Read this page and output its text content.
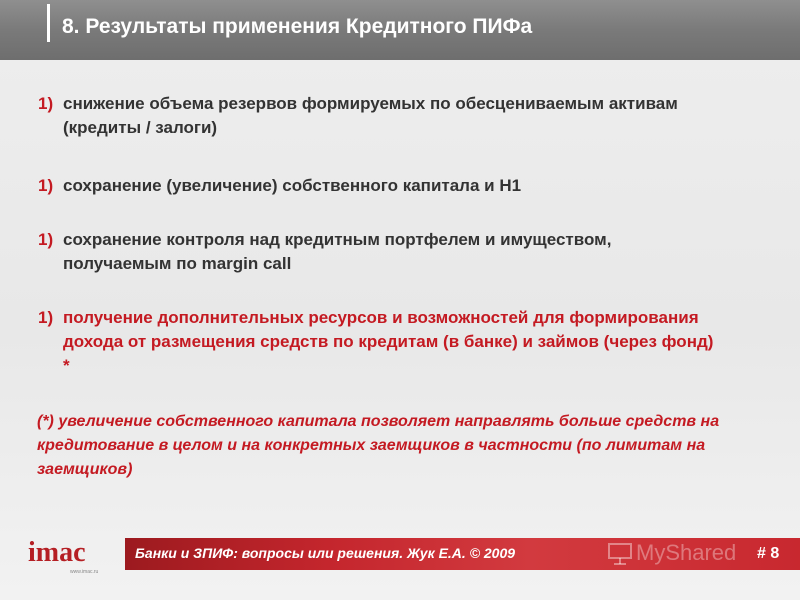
8. Результаты применения Кредитного ПИФа
1) снижение объема резервов формируемых по обесцениваемым активам (кредиты / залоги)
1) сохранение (увеличение) собственного капитала и Н1
1) сохранение контроля над кредитным портфелем и имуществом, получаемым по margin call
1) получение дополнительных ресурсов и возможностей для формирования дохода от размещения средств по кредитам (в банке) и займов (через фонд) *
(*) увеличение собственного капитала позволяет направлять больше средств на кредитование в целом и на конкретных заемщиков в частности (по лимитам на заемщиков)
imac
www.imac.ru
Банки и ЗПИФ: вопросы или решения. Жук Е.А. © 2009	MyShared # 8
